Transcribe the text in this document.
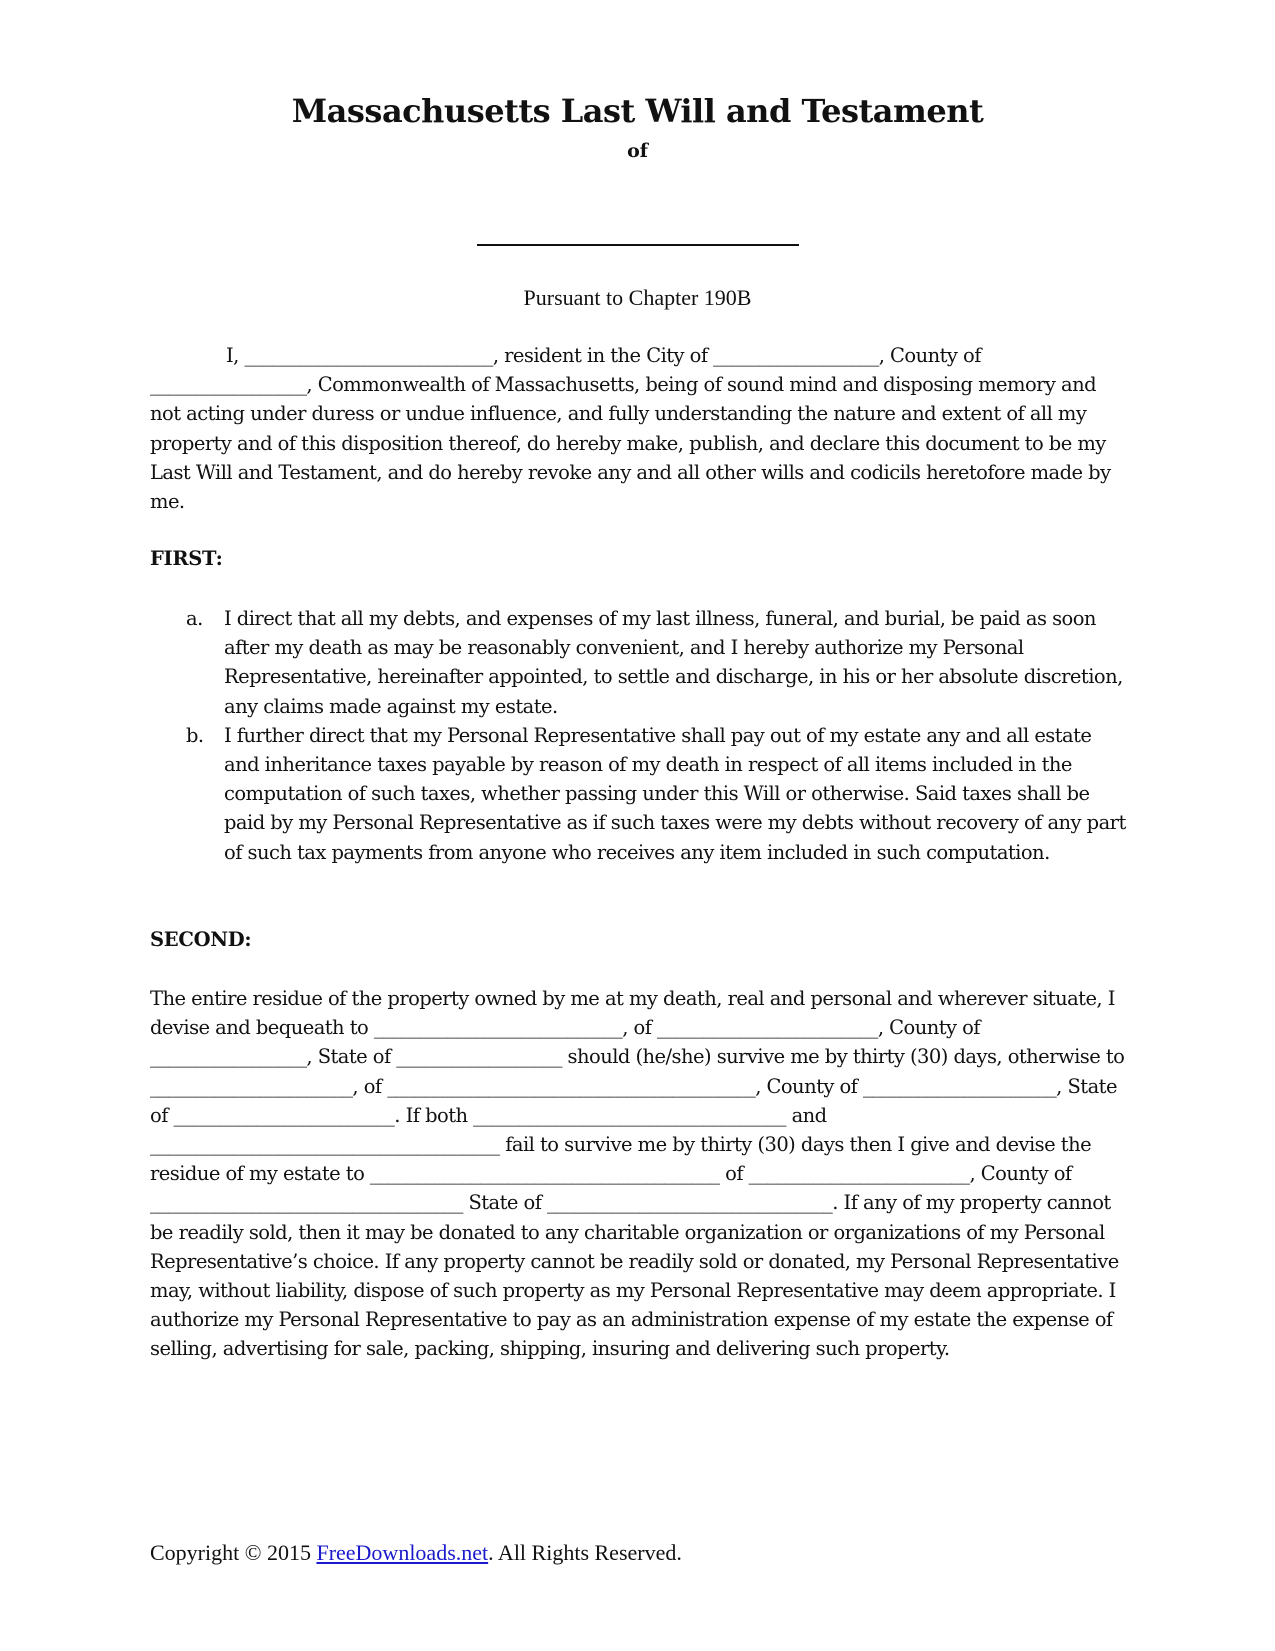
Massachusetts Last Will and Testament
of
Pursuant to Chapter 190B
I, ___________________________, resident in the City of __________________, County of _________________, Commonwealth of Massachusetts, being of sound mind and disposing memory and not acting under duress or undue influence, and fully understanding the nature and extent of all my property and of this disposition thereof, do hereby make, publish, and declare this document to be my Last Will and Testament, and do hereby revoke any and all other wills and codicils heretofore made by me.
FIRST:
a. I direct that all my debts, and expenses of my last illness, funeral, and burial, be paid as soon after my death as may be reasonably convenient, and I hereby authorize my Personal Representative, hereinafter appointed, to settle and discharge, in his or her absolute discretion, any claims made against my estate.
b. I further direct that my Personal Representative shall pay out of my estate any and all estate and inheritance taxes payable by reason of my death in respect of all items included in the computation of such taxes, whether passing under this Will or otherwise. Said taxes shall be paid by my Personal Representative as if such taxes were my debts without recovery of any part of such tax payments from anyone who receives any item included in such computation.
SECOND:
The entire residue of the property owned by me at my death, real and personal and wherever situate, I devise and bequeath to ___________________________, of ________________________, County of _________________, State of __________________ should (he/she) survive me by thirty (30) days, otherwise to ______________________, of ________________________________________, County of _____________________, State of ________________________. If both __________________________________ and ______________________________________ fail to survive me by thirty (30) days then I give and devise the residue of my estate to ______________________________________ of ________________________, County of __________________________________ State of _______________________________. If any of my property cannot be readily sold, then it may be donated to any charitable organization or organizations of my Personal Representative’s choice. If any property cannot be readily sold or donated, my Personal Representative may, without liability, dispose of such property as my Personal Representative may deem appropriate. I authorize my Personal Representative to pay as an administration expense of my estate the expense of selling, advertising for sale, packing, shipping, insuring and delivering such property.
Copyright © 2015 FreeDownloads.net. All Rights Reserved.
